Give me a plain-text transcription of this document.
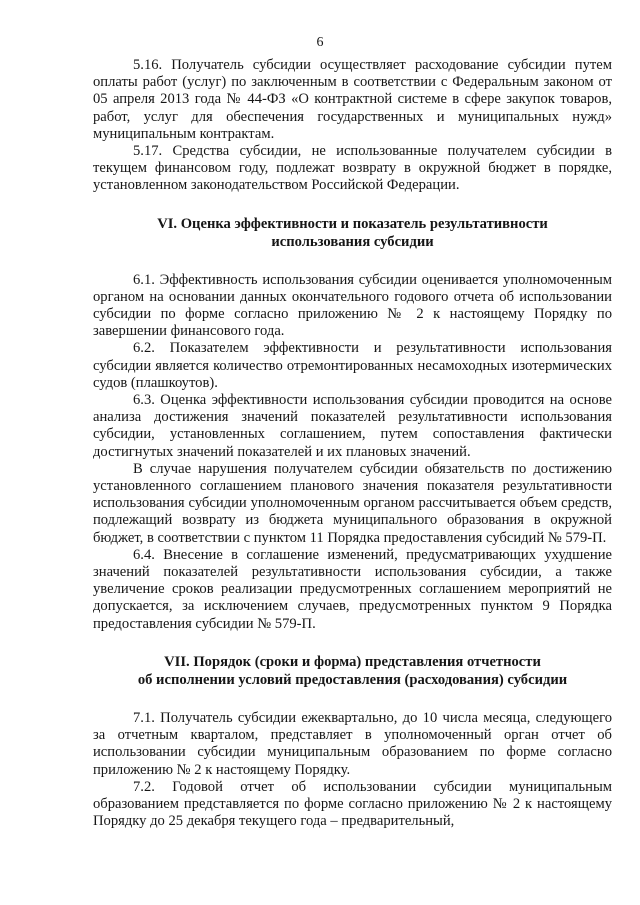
6

5.16. Получатель субсидии осуществляет расходование субсидии путем оплаты работ (услуг) по заключенным в соответствии с Федеральным законом от 05 апреля 2013 года № 44-ФЗ «О контрактной системе в сфере закупок товаров, работ, услуг для обеспечения государственных и муниципальных нужд» муниципальным контрактам.

5.17. Средства субсидии, не использованные получателем субсидии в текущем финансовом году, подлежат возврату в окружной бюджет в порядке, установленном законодательством Российской Федерации.

VI. Оценка эффективности и показатель результативности
использования субсидии

6.1. Эффективность использования субсидии оценивается уполномоченным органом на основании данных окончательного годового отчета об использовании субсидии по форме согласно приложению № 2 к настоящему Порядку по завершении финансового года.

6.2. Показателем эффективности и результативности использования субсидии является количество отремонтированных несамоходных изотермических судов (плашкоутов).

6.3. Оценка эффективности использования субсидии проводится на основе анализа достижения значений показателей результативности использования субсидии, установленных соглашением, путем сопоставления фактически достигнутых значений показателей и их плановых значений.

В случае нарушения получателем субсидии обязательств по достижению установленного соглашением планового значения показателя результативности использования субсидии уполномоченным органом рассчитывается объем средств, подлежащий возврату из бюджета муниципального образования в окружной бюджет, в соответствии с пунктом 11 Порядка предоставления субсидий № 579-П.

6.4. Внесение в соглашение изменений, предусматривающих ухудшение значений показателей результативности использования субсидии, а также увеличение сроков реализации предусмотренных соглашением мероприятий не допускается, за исключением случаев, предусмотренных пунктом 9 Порядка предоставления субсидии № 579-П.

VII. Порядок (сроки и форма) представления отчетности
об исполнении условий предоставления (расходования) субсидии

7.1. Получатель субсидии ежеквартально, до 10 числа месяца, следующего за отчетным кварталом, представляет в уполномоченный орган отчет об использовании субсидии муниципальным образованием по форме согласно приложению № 2 к настоящему Порядку.

7.2. Годовой отчет об использовании субсидии муниципальным образованием представляется по форме согласно приложению № 2 к настоящему Порядку до 25 декабря текущего года – предварительный,
